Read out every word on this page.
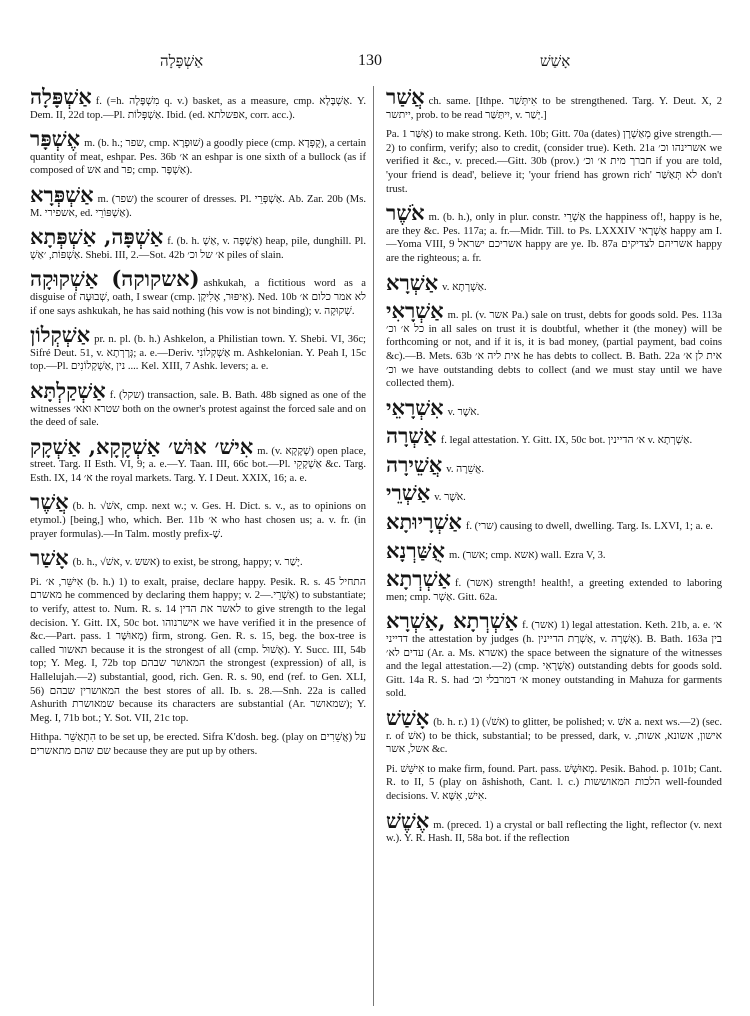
אַשְׁפָּלָה	130	אָשַׁשׁ

אַשְׁפָּלָה f. (=h. מִשְׁפָּלָה q. v.) basket, as a measure, cmp. אַשְׁבָּלָא. Y. Dem. II, 22d top.—Pl. אַשְׁפְּלוֹת. Ibid. (ed. אפשלתא, corr. acc.).

אֶשְׁפָּר m. (b. h.; שפר, cmp. שׁוּפְרָא) a goodly piece (cmp. קֻפְּדָא), a certain quantity of meat, eshpar. Pes. 36b א׳ an eshpar is one sixth of a bullock (as if composed of אש and פר; cmp. אַשְׁפָּר).

אַשְׁפְּרָא m. (שפר) the scourer of dresses. Pl. אַשְׁפְּרֵי. Ab. Zar. 20b (Ms. M. אשפירי, ed. אַשְׁפּוֹרֵי).

אַשְׁפָּה, אַשְׁפְּתָא f. (b. h. אַשְׁ, v. אַשְׁפָּה) heap, pile, dunghill. Pl. אַשְׁפּוֹת, ׳אַשְׁ. Shebi. III, 2.—Sot. 42b א׳ של וכ׳ piles of slain.

(אשקוקה) אַשְׁקוּקָה ashkukah, a fictitious word as a disguise of שְׁבוּעָה, oath, I swear (cmp. אִיפּוּר, אֶלִיקָן). Ned. 10b לא אמר כלום א׳ if one says ashkukah, he has said nothing (his vow is not binding); v. שְׁקוּקָה.

אַשְׁקְלוֹן pr. n. pl. (b. h.) Ashkelon, a Philistian town. Y. Shebi. VI, 36c; Sifré Deut. 51, v. גְּרָרְתָא; a. e.—Deriv. אַשְׁקְלוֹנִי m. Ashkelonian. Y. Peah I, 15c top.—Pl. נין ,אַשְׁקְלוֹנִים .... Kel. XIII, 7 Ashk. levers; a. e.

אַשְׁקַלְתָּא f. (שקל) transaction, sale. B. Bath. 48b signed as one of the witnesses שטרא ואא׳ both on the owner's protest against the forced sale and on the deed of sale.

אִישׁ׳ אוּשׁ׳ אַשְׁקָקָא, אַשְׁקָק m. (v. שְׁקָקָא) open place, street. Targ. II Esth. VI, 9; a. e.—Y. Taan. III, 66c bot.—Pl. אַשְׁקָקֵי &c. Targ. Esth. IX, 14 א׳ the royal markets. Targ. Y. I Deut. XXIX, 16; a. e.

אֲשֶׁר (b. h. √אשׁ, cmp. next w.; v. Ges. H. Dict. s. v., as to opinions on etymol.) [being,] who, which. Ber. 11b א׳ who hast chosen us; a. v. fr. (in prayer formulas).—In Talm. mostly prefix-שֶׁ.

אָשַׁר (b. h., √אשׁ, v. אשש) to exist, be strong, happy; v. יָשַׁר.

Pi. אִישֵּׁר, א׳ (b. h.) 1) to exalt, praise, declare happy. Pesik. R. s. 45 התחיל מאשרם he commenced by declaring them happy; v. אַשְׁרֵי.—2) to substantiate; to verify, attest to. Num. R. s. 14 לאשר את הדין to give strength to the legal decision. Y. Gitt. IX, 50c bot. אישרנוהו we have verified it in the presence of &c.—Part. pass. מְאוּשָּׁר 1) firm, strong. Gen. R. s. 15, beg. the box-tree is called תאשור because it is the strongest of all (cmp. אָשׁוּל). Y. Succ. III, 54b top; Y. Meg. I, 72b top המאושר שבהם the strongest (expression) of all, is Hallelujah.—2) substantial, good, rich. Gen. R. s. 90, end (ref. to Gen. XLI, 56) המאושרין שבהם the best stores of all. Ib. s. 28.—Snh. 22a is called Ashurith שמאושרת because its characters are substantial (Ar. שמאושר); Y. Meg. I, 71b bot.; Y. Sot. VII, 21c top.

Hithpa. הִתְאַשֵּׁר to be set up, be erected. Sifra K'dosh. beg. (play on אֲשֵׁרִים) על שם שהם מתאשרים because they are put up by others.

אֲשַׁר ch. same. [Ithpe. אִיתְּשַׁר to be strengthened. Targ. Y. Deut. X, 2 ייתשר, prob. to be read יִיתַּשַּׁר, v. יְשַׁר.]

Pa. אַשַּׁר 1) to make strong. Keth. 10b; Gitt. 70a (dates) מְאַשְׁרָן give strength.—2) to confirm, verify; also to credit, (consider true). Keth. 21a אשרינהו וכ׳ we verified it &c., v. preced.—Gitt. 30b (prov.) חברך מית א׳ וכ׳ if you are told, 'your friend is dead', believe it; 'your friend has grown rich' לא תְּאַשַּׁר don't trust.

אֹשֶׁר m. (b. h.), only in plur. constr. אַשְׁרֵי the happiness of!, happy is he, are they &c. Pes. 117a; a. fr.—Midr. Till. to Ps. LXXXIV אַשְׁרָאי happy am I.—Yoma VIII, 9 אשריכם ישראל happy are ye. Ib. 87a אשריהם לצדיקים happy are the righteous; a. fr.

אַשְׁרָא v. אַשְׁרְתָא.

אַשְׁרָאִי m. pl. (v. אשר Pa.) sale on trust, debts for goods sold. Pes. 113a כל א׳ וכ׳ in all sales on trust it is doubtful, whether it (the money) will be forthcoming or not, and if it is, it is bad money, (partial payment, bad coins &c).—B. Mets. 63b אית ליה א׳ he has debts to collect. B. Bath. 22a אית לן א׳ וכ׳ we have outstanding debts to collect (and we must stay until we have collected them).

אִשְׁרָאֵי v. אֹשֶׁר.

אַשְׁרָה f. legal attestation. Y. Gitt. IX, 50c bot. א׳ הדיינין v. אַשְׁרְתָא.

אֲשֵׁירָה v. אֲשֵׁרָה.

אַשְׁרֵי v. אֹשֶׁר.

אַשְׁרָיוּתָא f. (שרי) causing to dwell, dwelling. Targ. Is. LXVI, 1; a. e.

אֻשַּׁרְנָא m. (אשר; cmp. אשא) wall. Ezra V, 3.

אַשְׁרְתָא f. (אשר) strength! health!, a greeting extended to laboring men; cmp. אַשְׁר. Gitt. 62a.

אַשְׁרְתָא ,אַשְׁרָא f. (אשר) 1) legal attestation. Keth. 21b, a. e. א׳ דדייני the attestation by judges (h. אַשְׁרַת הדיינין, v. אַשְׁרָה). B. Bath. 163a בין עדים לא׳ (Ar. a. Ms. אשרא) the space between the signature of the witnesses and the legal attestation.—2) (cmp. אַשְׁרָאִי) outstanding debts for goods sold. Gitt. 14a R. S. had א׳ דמרבלי וכ׳ money outstanding in Mahuza for garments sold.

אָשַׁשׁ (b. h. r.) 1) (√אשׁ) to glitter, be polished; v. אשׁ a. next ws.—2) (sec. r. of אשׁ) to be thick, substantial; to be pressed, dark, v. אישון, אשונא, אשות, אשל, אשר &c.

Pi. אִישֵּׁשׁ to make firm, found. Part. pass. מְאוּשָּׁשׁ. Pesik. Bahod. p. 101b; Cant. R. to II, 5 (play on ăshishoth, Cant. l. c.) הלכות המאוששות well-founded decisions. V. אִישׁ, אִשָּׁא.

אֶשֶׁשׁ m. (preced. 1) a crystal or ball reflecting the light, reflector (v. next w.). Y. R. Hash. II, 58a bot. if the reflection
